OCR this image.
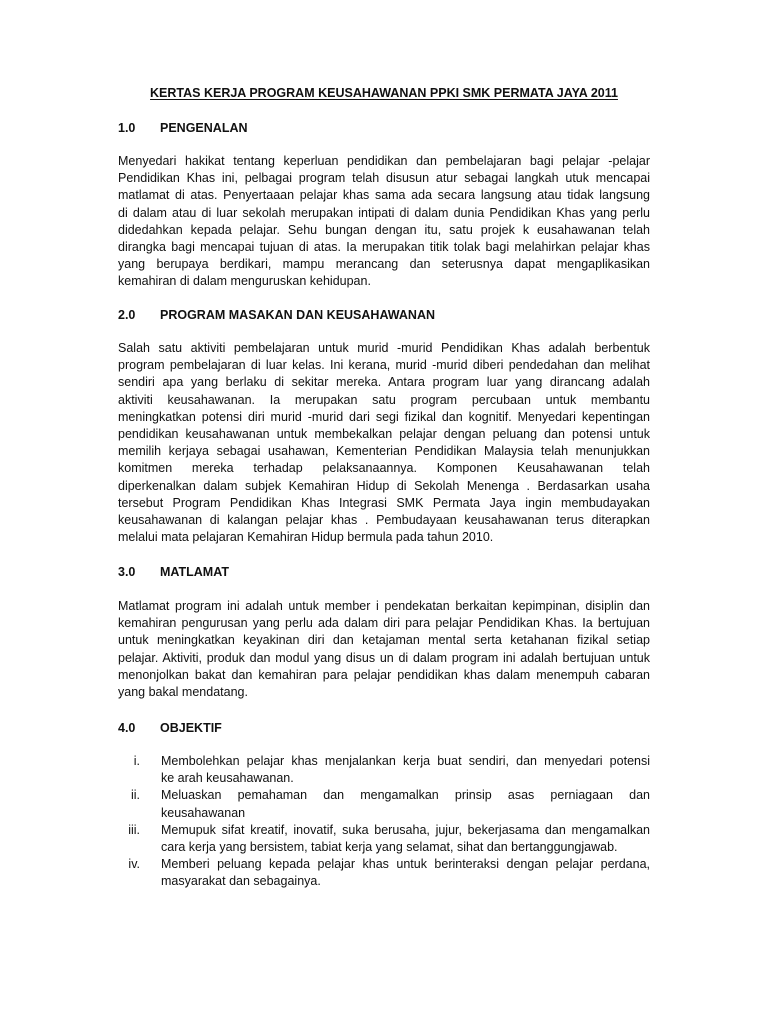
KERTAS KERJA PROGRAM KEUSAHAWANAN PPKI SMK PERMATA JAYA 2011
1.0 PENGENALAN
Menyedari hakikat tentang keperluan pendidikan dan pembelajaran bagi pelajar -pelajar
Pendidikan Khas ini, pelbagai program telah disusun atur sebagai langkah utuk mencapai
matlamat di atas. Penyertaaan pelajar khas sama ada secara langsung atau tidak langsung
di dalam atau di luar sekolah merupakan intipati di dalam dunia Pendidikan Khas yang perlu
didedahkan kepada pelajar. Sehu bungan dengan itu, satu projek k eusahawanan telah
dirangka bagi mencapai tujuan di atas. Ia merupakan titik tolak bagi melahirkan pelajar khas
yang berupaya berdikari, mampu merancang dan seterusnya dapat mengaplikasikan
kemahiran di dalam menguruskan kehidupan.
2.0 PROGRAM MASAKAN DAN KEUSAHAWANAN
Salah satu aktiviti pembelajaran untuk murid -murid Pendidikan Khas adalah berbentuk
program pembelajaran di luar kelas. Ini kerana, murid -murid diberi pendedahan dan melihat
sendiri apa yang berlaku di sekitar mereka. Antara program luar yang dirancang adalah
aktiviti keusahawanan. Ia merupakan satu program percubaan untuk membantu
meningkatkan potensi diri murid -murid dari segi fizikal dan kognitif. Menyedari kepentingan
pendidikan keusahawanan untuk membekalkan pelajar dengan peluang dan potensi untuk
memilih kerjaya sebagai usahawan, Kementerian Pendidikan Malaysia telah menunjukkan
komitmen mereka terhadap pelaksanaannya. Komponen Keusahawanan telah
diperkenalkan dalam subjek Kemahiran Hidup di Sekolah Menenga . Berdasarkan usaha
tersebut Program Pendidikan Khas Integrasi SMK Permata Jaya ingin membudayakan
keusahawanan di kalangan pelajar khas . Pembudayaan keusahawanan terus diterapkan
melalui mata pelajaran Kemahiran Hidup bermula pada tahun 2010.
3.0 MATLAMAT
Matlamat program ini adalah untuk member i pendekatan berkaitan kepimpinan, disiplin dan
kemahiran pengurusan yang perlu ada dalam diri para pelajar Pendidikan Khas. Ia bertujuan
untuk meningkatkan keyakinan diri dan ketajaman mental serta ketahanan fizikal setiap
pelajar. Aktiviti, produk dan modul yang disus un di dalam program ini adalah bertujuan untuk
menonjolkan bakat dan kemahiran para pelajar pendidikan khas dalam menempuh cabaran
yang bakal mendatang.
4.0 OBJEKTIF
i. Membolehkan pelajar khas menjalankan kerja buat sendiri, dan menyedari potensi
ke arah keusahawanan.
ii. Meluaskan pemahaman dan mengamalkan prinsip asas perniagaan dan
keusahawanan
iii. Memupuk sifat kreatif, inovatif, suka berusaha, jujur, bekerjasama dan mengamalkan
cara kerja yang bersistem, tabiat kerja yang selamat, sihat dan bertanggungjawab.
iv. Memberi peluang kepada pelajar khas untuk berinteraksi dengan pelajar perdana,
masyarakat dan sebagainya.
